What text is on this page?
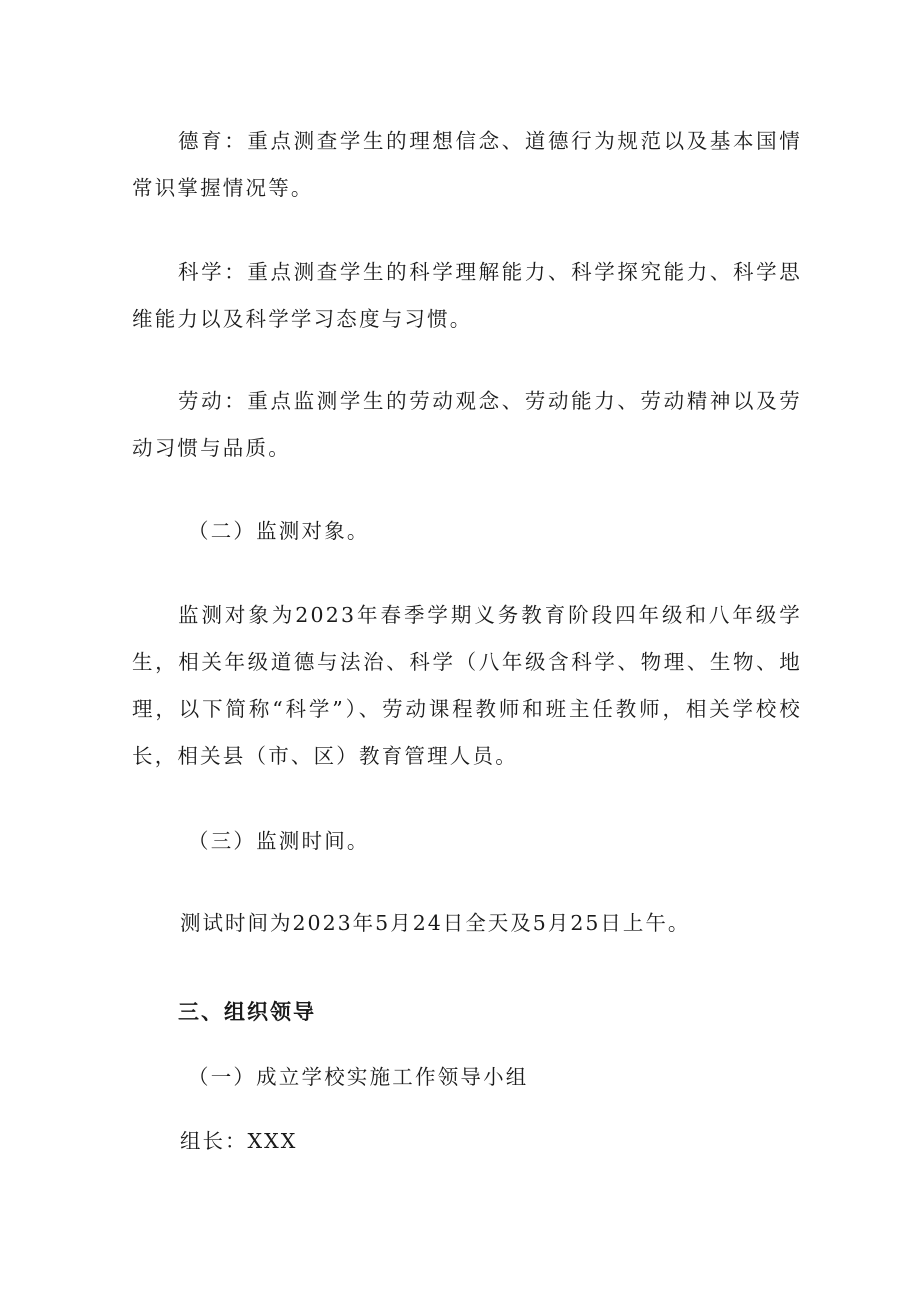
德育：重点测查学生的理想信念、道德行为规范以及基本国情常识掌握情况等。

科学：重点测查学生的科学理解能力、科学探究能力、科学思维能力以及科学学习态度与习惯。

劳动：重点监测学生的劳动观念、劳动能力、劳动精神以及劳动习惯与品质。

（二）监测对象。

监测对象为2023年春季学期义务教育阶段四年级和八年级学生，相关年级道德与法治、科学（八年级含科学、物理、生物、地理，以下简称“科学”）、劳动课程教师和班主任教师，相关学校校长，相关县（市、区）教育管理人员。

（三）监测时间。

测试时间为2023年5月24日全天及5月25日上午。

三、组织领导

（一）成立学校实施工作领导小组

组长：XXX
